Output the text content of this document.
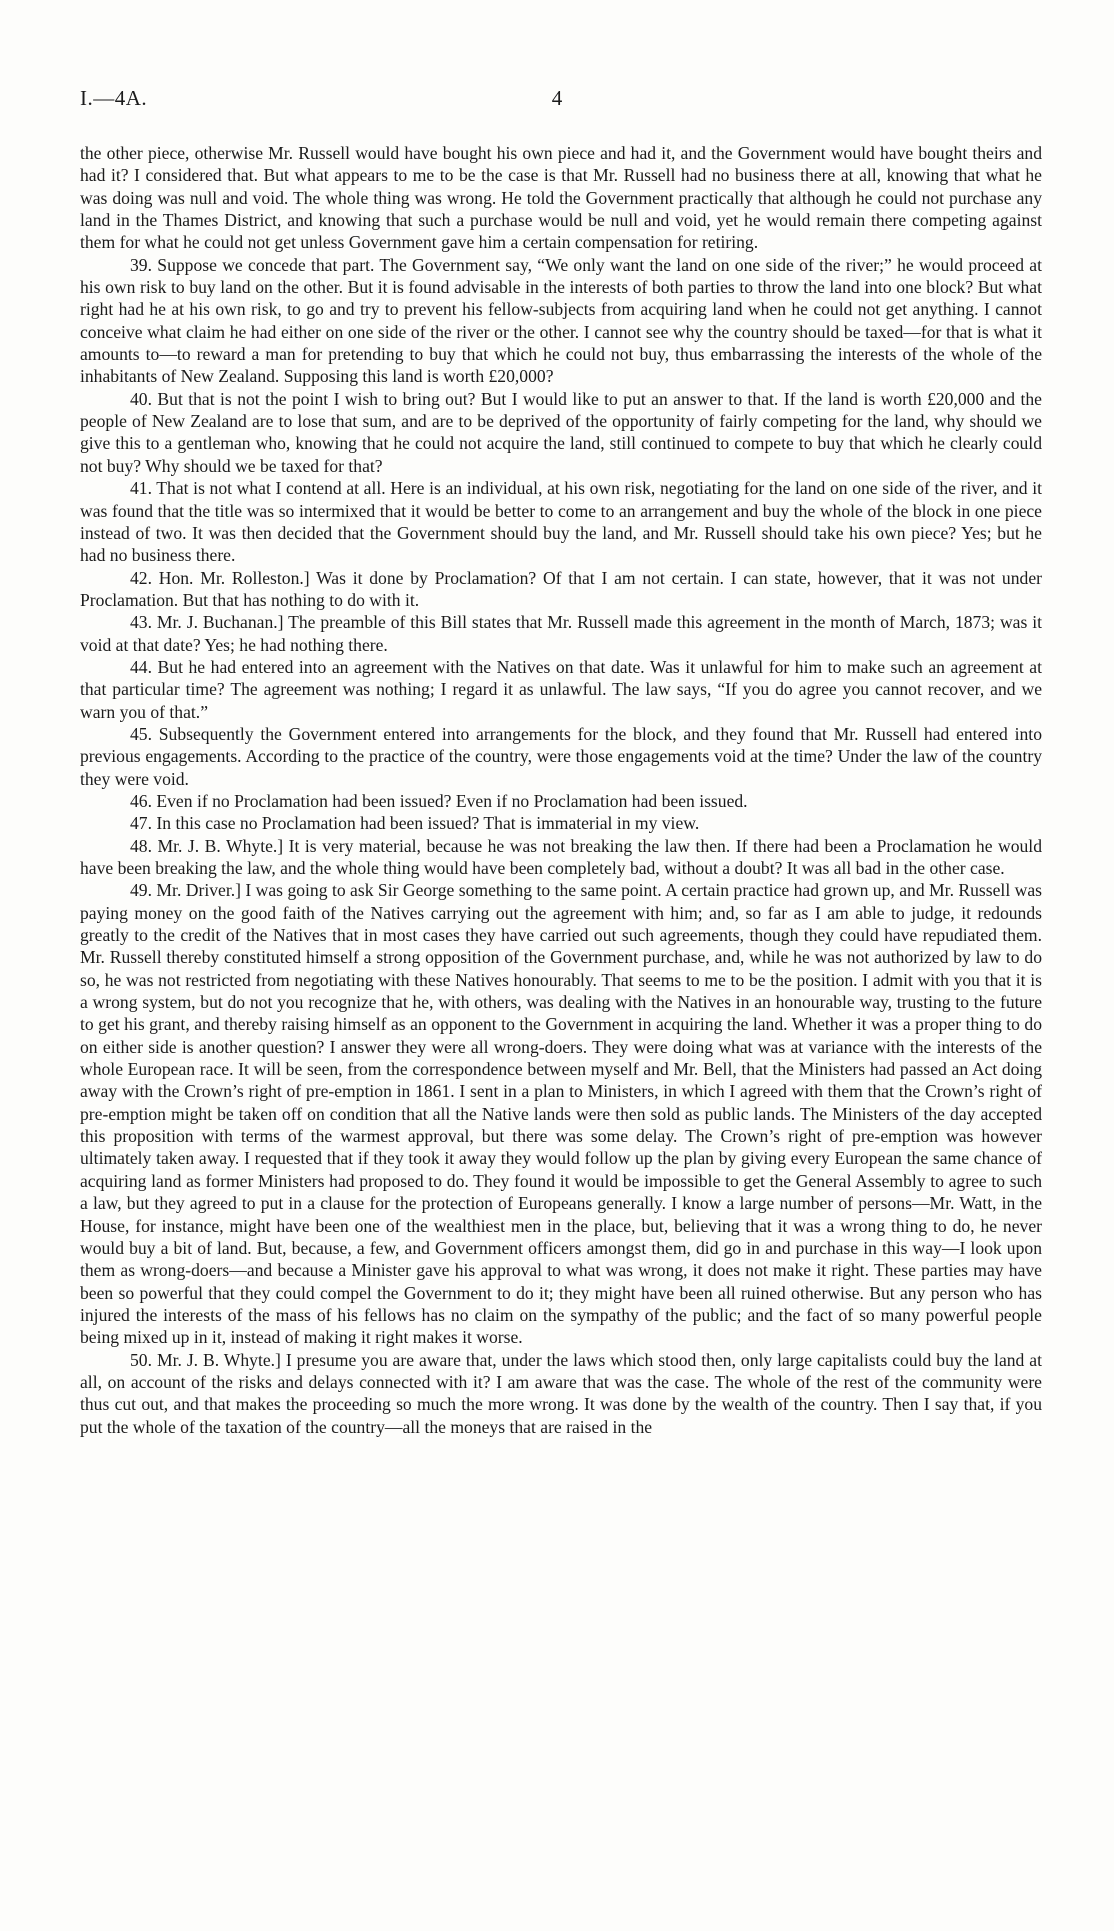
I.—4A.	4

the other piece, otherwise Mr. Russell would have bought his own piece and had it, and the Government would have bought theirs and had it? I considered that. But what appears to me to be the case is that Mr. Russell had no business there at all, knowing that what he was doing was null and void. The whole thing was wrong. He told the Government practically that although he could not purchase any land in the Thames District, and knowing that such a purchase would be null and void, yet he would remain there competing against them for what he could not get unless Government gave him a certain compensation for retiring.

39. Suppose we concede that part. The Government say, “We only want the land on one side of the river;” he would proceed at his own risk to buy land on the other. But it is found advisable in the interests of both parties to throw the land into one block? But what right had he at his own risk, to go and try to prevent his fellow-subjects from acquiring land when he could not get anything. I cannot conceive what claim he had either on one side of the river or the other. I cannot see why the country should be taxed—for that is what it amounts to—to reward a man for pretending to buy that which he could not buy, thus embarrassing the interests of the whole of the inhabitants of New Zealand. Supposing this land is worth £20,000?

40. But that is not the point I wish to bring out? But I would like to put an answer to that. If the land is worth £20,000 and the people of New Zealand are to lose that sum, and are to be deprived of the opportunity of fairly competing for the land, why should we give this to a gentleman who, knowing that he could not acquire the land, still continued to compete to buy that which he clearly could not buy? Why should we be taxed for that?

41. That is not what I contend at all. Here is an individual, at his own risk, negotiating for the land on one side of the river, and it was found that the title was so intermixed that it would be better to come to an arrangement and buy the whole of the block in one piece instead of two. It was then decided that the Government should buy the land, and Mr. Russell should take his own piece? Yes; but he had no business there.

42. Hon. Mr. Rolleston.] Was it done by Proclamation? Of that I am not certain. I can state, however, that it was not under Proclamation. But that has nothing to do with it.

43. Mr. J. Buchanan.] The preamble of this Bill states that Mr. Russell made this agreement in the month of March, 1873; was it void at that date? Yes; he had nothing there.

44. But he had entered into an agreement with the Natives on that date. Was it unlawful for him to make such an agreement at that particular time? The agreement was nothing; I regard it as unlawful. The law says, “If you do agree you cannot recover, and we warn you of that.”

45. Subsequently the Government entered into arrangements for the block, and they found that Mr. Russell had entered into previous engagements. According to the practice of the country, were those engagements void at the time? Under the law of the country they were void.

46. Even if no Proclamation had been issued? Even if no Proclamation had been issued.

47. In this case no Proclamation had been issued? That is immaterial in my view.

48. Mr. J. B. Whyte.] It is very material, because he was not breaking the law then. If there had been a Proclamation he would have been breaking the law, and the whole thing would have been completely bad, without a doubt? It was all bad in the other case.

49. Mr. Driver.] I was going to ask Sir George something to the same point. A certain practice had grown up, and Mr. Russell was paying money on the good faith of the Natives carrying out the agreement with him; and, so far as I am able to judge, it redounds greatly to the credit of the Natives that in most cases they have carried out such agreements, though they could have repudiated them. Mr. Russell thereby constituted himself a strong opposition of the Government purchase, and, while he was not authorized by law to do so, he was not restricted from negotiating with these Natives honourably. That seems to me to be the position. I admit with you that it is a wrong system, but do not you recognize that he, with others, was dealing with the Natives in an honourable way, trusting to the future to get his grant, and thereby raising himself as an opponent to the Government in acquiring the land. Whether it was a proper thing to do on either side is another question? I answer they were all wrong-doers. They were doing what was at variance with the interests of the whole European race. It will be seen, from the correspondence between myself and Mr. Bell, that the Ministers had passed an Act doing away with the Crown’s right of pre-emption in 1861. I sent in a plan to Ministers, in which I agreed with them that the Crown’s right of pre-emption might be taken off on condition that all the Native lands were then sold as public lands. The Ministers of the day accepted this proposition with terms of the warmest approval, but there was some delay. The Crown’s right of pre-emption was however ultimately taken away. I requested that if they took it away they would follow up the plan by giving every European the same chance of acquiring land as former Ministers had proposed to do. They found it would be impossible to get the General Assembly to agree to such a law, but they agreed to put in a clause for the protection of Europeans generally. I know a large number of persons—Mr. Watt, in the House, for instance, might have been one of the wealthiest men in the place, but, believing that it was a wrong thing to do, he never would buy a bit of land. But, because, a few, and Government officers amongst them, did go in and purchase in this way—I look upon them as wrong-doers—and because a Minister gave his approval to what was wrong, it does not make it right. These parties may have been so powerful that they could compel the Government to do it; they might have been all ruined otherwise. But any person who has injured the interests of the mass of his fellows has no claim on the sympathy of the public; and the fact of so many powerful people being mixed up in it, instead of making it right makes it worse.

50. Mr. J. B. Whyte.] I presume you are aware that, under the laws which stood then, only large capitalists could buy the land at all, on account of the risks and delays connected with it? I am aware that was the case. The whole of the rest of the community were thus cut out, and that makes the proceeding so much the more wrong. It was done by the wealth of the country. Then I say that, if you put the whole of the taxation of the country—all the moneys that are raised in the
